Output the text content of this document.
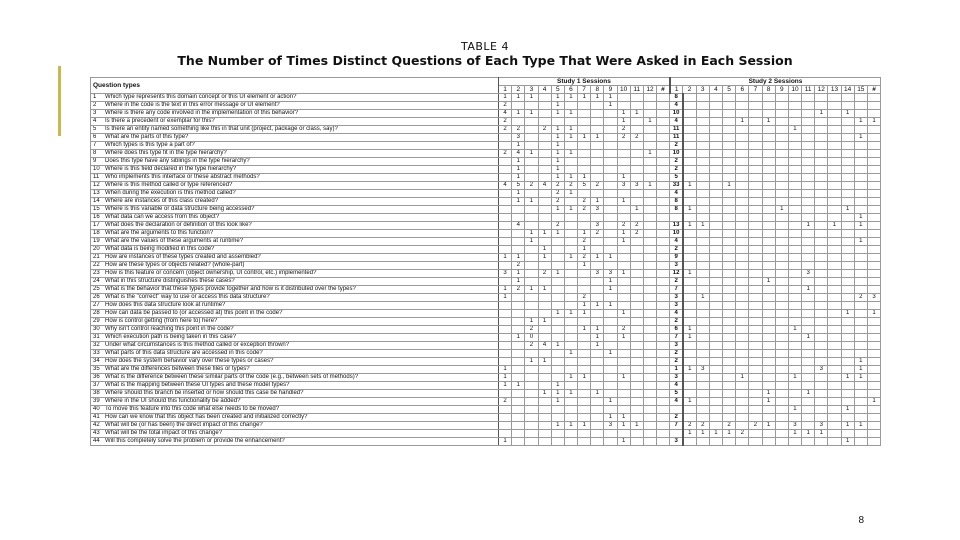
TABLE 4
The Number of Times Distinct Questions of Each Type That Were Asked in Each Session
Question types	Study 1 Sessions													Study 2 Sessions																
	1	2	3	4	5	6	7	8	9	10	11	12	#	1	2	3	4	5	6	7	8	9	10	11	12	13	14	15	#	
1 Which type represents this domain concept or this UI element or action?	1	1	1		1	1	1	1	1					8																
2 Where in the code is the text in this error message or UI element?	2				1				1					4																
3 Where is there any code involved in the implementation of this behavior?	4	1	1		1	1				1	1			10											1		1			
4 Is there a precedent or exemplar for this?	2									1		1		4					1		1							1	1	
5 Is there an entity named something like this in that unit (project, package or class, say)?	2	2		2	1	1				2				11									1							
6 What are the parts of this type?		3			1	1	1	1		2	2			11														1		
7 Which types is this type a part of?		1			1									2																
8 Where does this type fit in the type hierarchy?	2	4	1		1	1						1		10																
9 Does this type have any siblings in the type hierarchy?		1			1									2																
10 Where is this field declared in the type hierarchy?		1			1									2																
11 Who implements this interface or these abstract methods?		1			1	1	1			1				5																
12 Where is this method called or type referenced?	4	5	2	4	2	2	5	2		3	3	1		33	1			1												
13 When during the execution is this method called?		1			2	1								4																
14 Where are instances of this class created?		1	1		2		2	1		1				8																
15 Where is this variable or data structure being accessed?					1	1	2	3			1			8	1							1					1			
16 What data can we access from this object?																												1		
17 What does the declaration or definition of this look like?		4			2			3		2	2			13	1	1								1		1		1		
18 What are the arguments to this function?			1	1	1		1	2		1	2			10																
19 What are the values of these arguments at runtime?			1				2			1				4														1		
20 What data is being modified in this code?				1			1							2																
21 How are instances of these types created and assembled?	1	1		1		1	2	1	1					9																
22 How are these types or objects related? (whole-part)		2					1							3																
23 How is this feature or concern (object ownership, UI control, etc.) implemented?	3	1		2	1			3	3	1				12	1									3						
24 What in this structure distinguishes these cases?		1							1					2							1									
25 What is the behavior that these types provide together and how is it distributed over the types?	1	2	1	1					1					7										1						
26 What is the "correct" way to use or access this data structure?	1						2							3		1												2	3	
27 How does this data structure look at runtime?							1	1	1					3																
28 How can data be passed to (or accessed at) this point in the code?					1	1	1			1				4													1		1	
29 How is control getting (from here to) here?			1	1										2																
30 Why isn't control reaching this point in the code?			2				1	1		2				6	1								1							
31 Which execution path is being taken in this case?		1	0					1		1				7	1									1						
32 Under what circumstances is this method called or exception thrown?			2	4	1			1						3																
33 What parts of this data structure are accessed in this code?						1			1					2																
34 How does the system behavior vary over these types or cases?			1	1										2														1		
35 What are the differences between these files or types?	1													1	1	3									3			1		
36 What is the difference between these similar parts of the code (e.g., between sets of methods)?	1					1	1			1				3					1				1				1	1		
37 What is the mapping between these UI types and these model types?	1	1			1									4																
38 Where should this branch be inserted or how should this case be handled?				1	1	1		1						5							1			1						
39 Where in the UI should this functionality be added?	2				1				1					4	1						1								1	
40 To move this feature into this code what else needs to be moved?																							1				1			
41 How can we know that this object has been created and initialized correctly?									1	1				2																
42 What will be (or has been) the direct impact of this change?					1	1	1		3	1	1			7	2	2		2		2	1		3		3		1	1		
43 What will be the total impact of this change?															1	1	1	1	2				1	1	1					
44 Will this completely solve the problem or provide the enhancement?	1									1				3													1			
8
